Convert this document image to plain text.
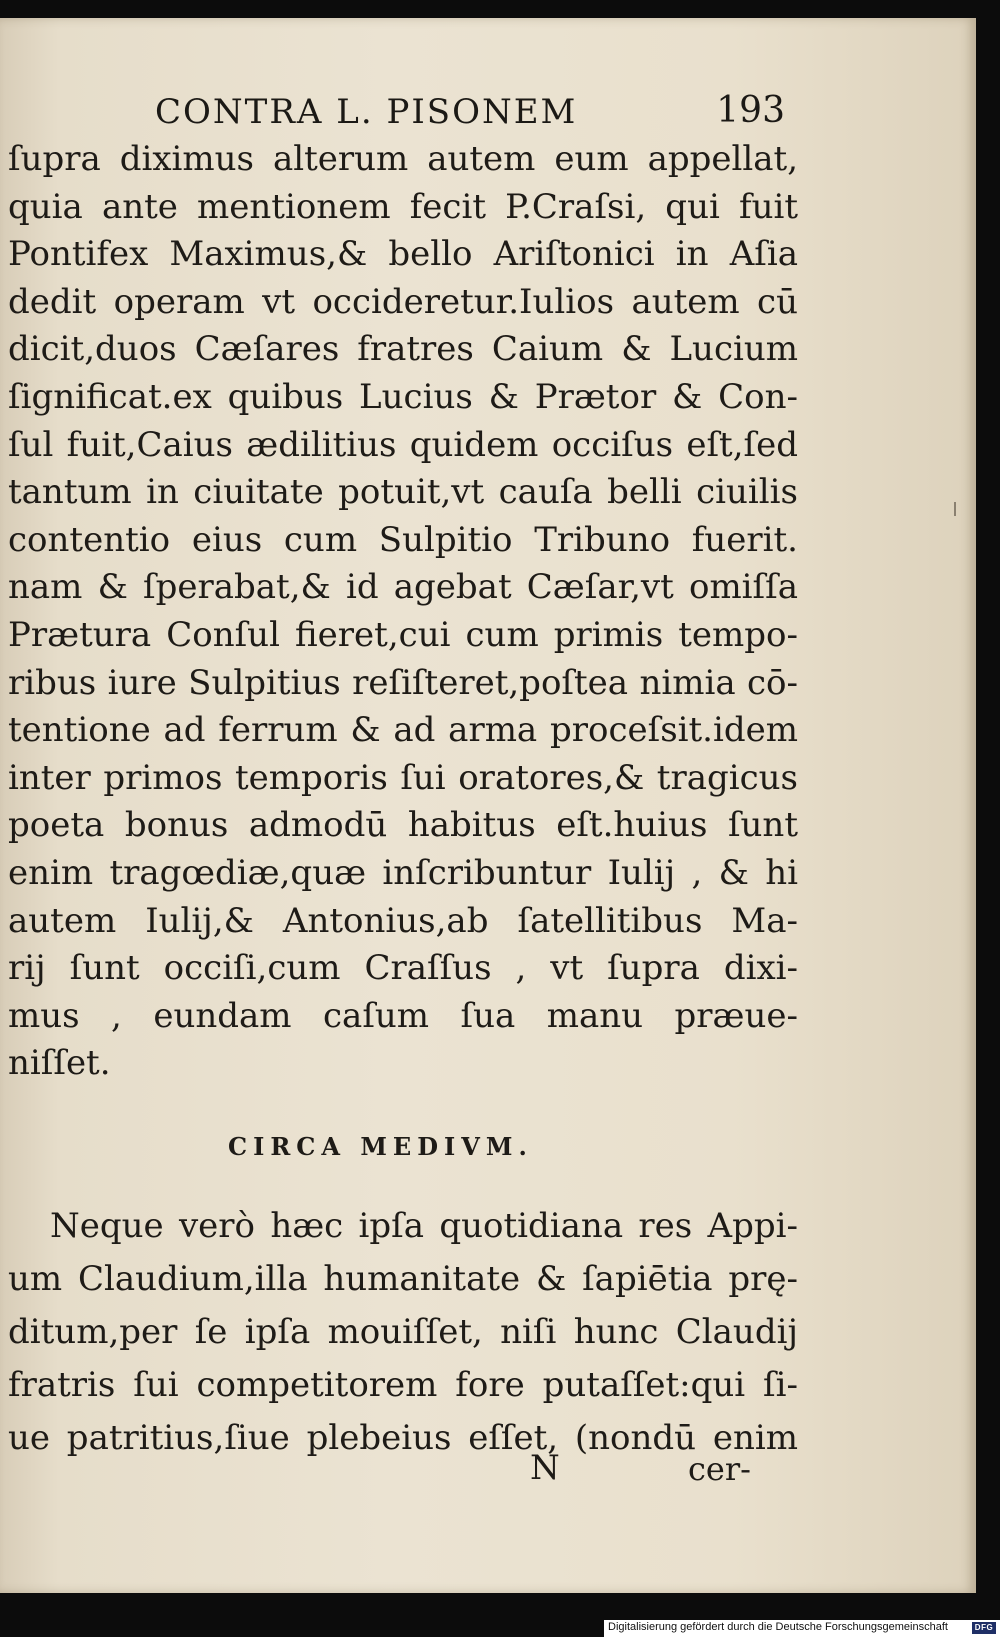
CONTRA L. PISONEM	193
ſupra diximus alterum autem eum appellat,
quia ante mentionem fecit P.Craſsi, qui fuit
Pontifex Maximus,& bello Ariſtonici in Aſia
dedit operam vt occideretur.Iulios autem cū
dicit,duos Cæſares fratres Caium & Lucium
ſignificat.ex quibus Lucius & Prætor & Con-
ſul fuit,Caius ædilitius quidem occiſus eſt,ſed
tantum in ciuitate potuit,vt cauſa belli ciuilis
contentio eius cum Sulpitio Tribuno fuerit.
nam & ſperabat,& id agebat Cæſar,vt omiſſa
Prætura Conſul fieret,cui cum primis tempo-
ribus iure Sulpitius reſiſteret,poſtea nimia cō-
tentione ad ferrum & ad arma proceſsit.idem
inter primos temporis ſui oratores,& tragicus
poeta bonus admodū habitus eſt.huius ſunt
enim tragœdiæ,quæ inſcribuntur Iulij , & hi
autem Iulij,& Antonius,ab ſatellitibus Ma-
rij ſunt occiſi,cum Craſſus , vt ſupra dixi-
mus , eundam caſum ſua manu præue-
niſſet.
CIRCA MEDIVM.
Neque verò hæc ipſa quotidiana res Appi-
um Claudium,illa humanitate & ſapiētia prę-
ditum,per ſe ipſa mouiſſet, niſi hunc Claudij
fratris ſui competitorem fore putaſſet:qui ſi-
ue patritius,ſiue plebeius eſſet, (nondū enim
N	cer-
Digitalisierung gefördert durch die Deutsche Forschungsgemeinschaft	DFG
